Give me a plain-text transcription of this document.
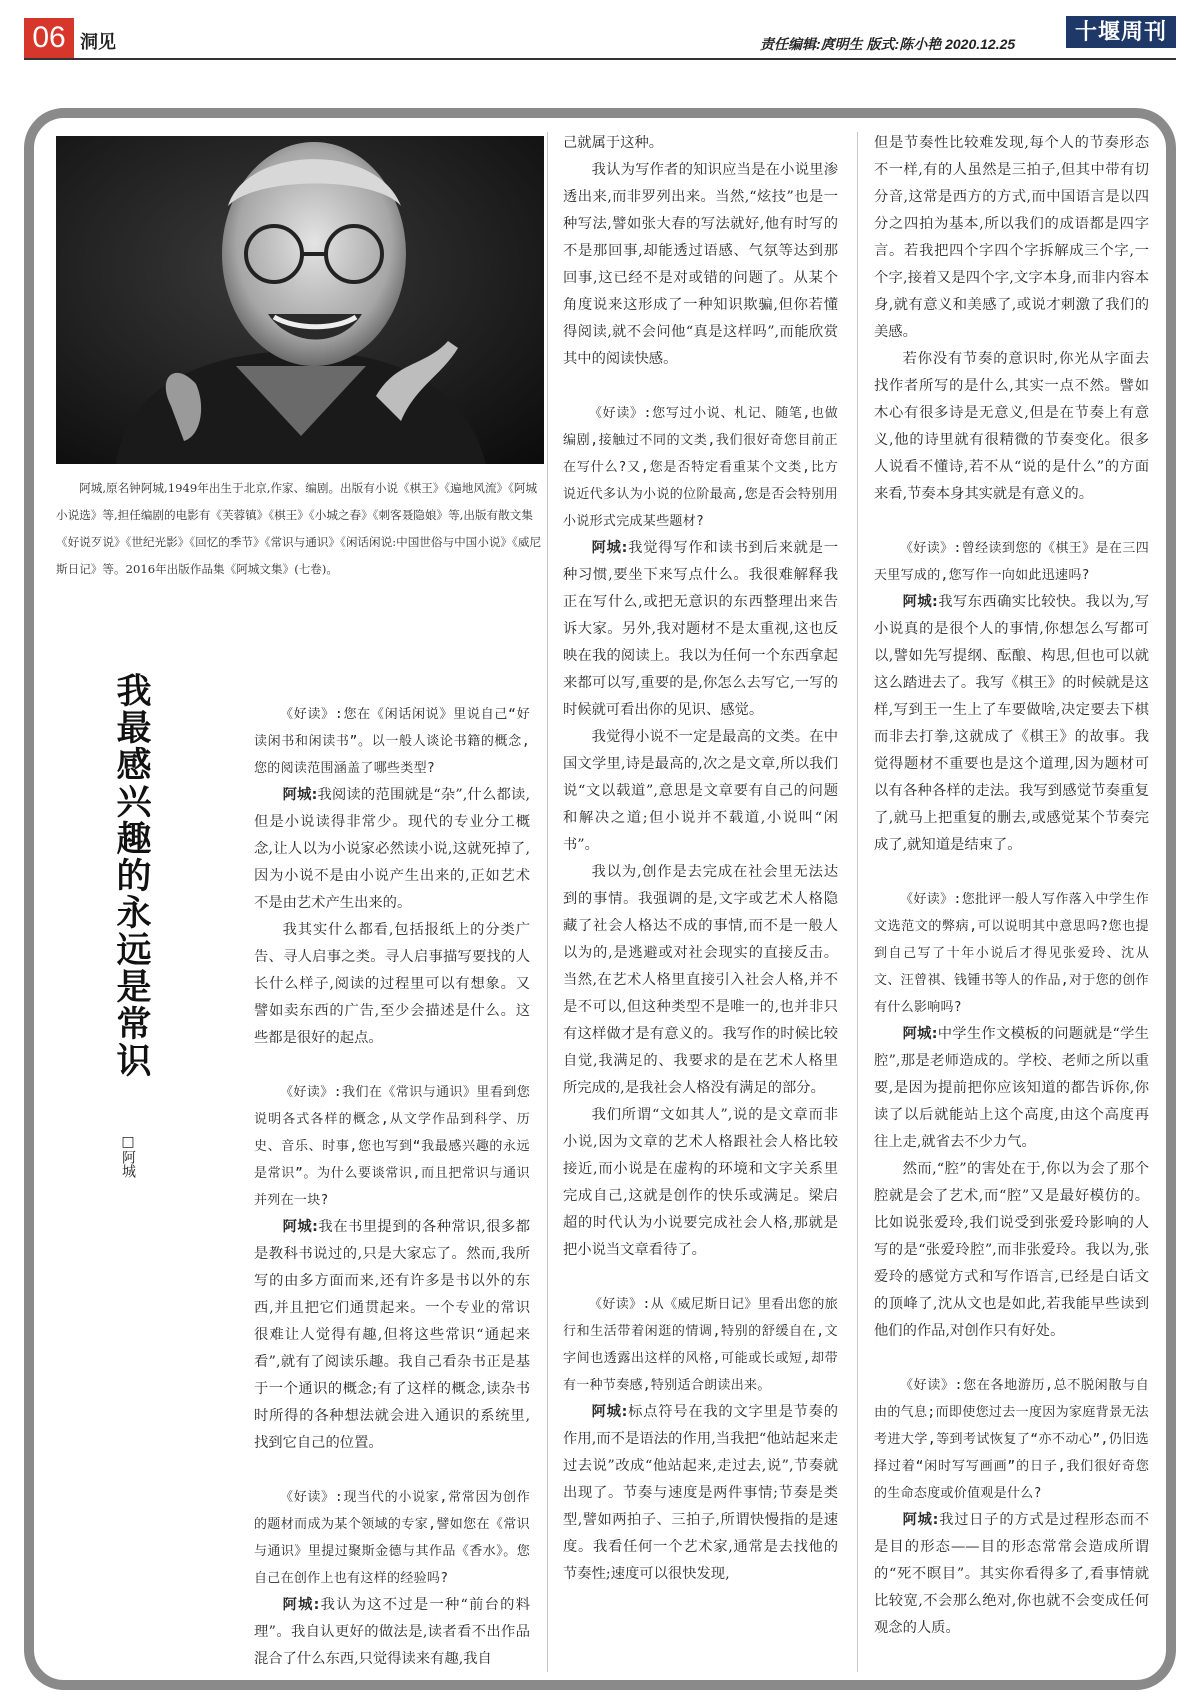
06 洞见	责任编辑:庹明生 版式:陈小艳 2020.12.25	十堰周刊

阿城,原名钟阿城,1949年出生于北京,作家、编剧。出版有小说《棋王》《遍地风流》《阿城小说选》等,担任编剧的电影有《芙蓉镇》《棋王》《小城之春》《刺客聂隐娘》等,出版有散文集《好说歹说》《世纪光影》《回忆的季节》《常识与通识》《闲话闲说:中国世俗与中国小说》《威尼斯日记》等。2016年出版作品集《阿城文集》(七卷)。

我最感兴趣的永远是常识
□阿城

《好读》:您在《闲话闲说》里说自己“好读闲书和闲读书”。以一般人谈论书籍的概念,您的阅读范围涵盖了哪些类型?

阿城:我阅读的范围就是“杂”,什么都读,但是小说读得非常少。现代的专业分工概念,让人以为小说家必然读小说,这就死掉了,因为小说不是由小说产生出来的,正如艺术不是由艺术产生出来的。

我其实什么都看,包括报纸上的分类广告、寻人启事之类。寻人启事描写要找的人长什么样子,阅读的过程里可以有想象。又譬如卖东西的广告,至少会描述是什么。这些都是很好的起点。

《好读》:我们在《常识与通识》里看到您说明各式各样的概念,从文学作品到科学、历史、音乐、时事,您也写到“我最感兴趣的永远是常识”。为什么要谈常识,而且把常识与通识并列在一块?

阿城:我在书里提到的各种常识,很多都是教科书说过的,只是大家忘了。然而,我所写的由多方面而来,还有许多是书以外的东西,并且把它们通贯起来。一个专业的常识很难让人觉得有趣,但将这些常识“通起来看”,就有了阅读乐趣。我自己看杂书正是基于一个通识的概念;有了这样的概念,读杂书时所得的各种想法就会进入通识的系统里,找到它自己的位置。

《好读》:现当代的小说家,常常因为创作的题材而成为某个领域的专家,譬如您在《常识与通识》里提过聚斯金德与其作品《香水》。您自己在创作上也有这样的经验吗?

阿城:我认为这不过是一种“前台的料理”。我自认更好的做法是,读者看不出作品混合了什么东西,只觉得读来有趣,我自

己就属于这种。

我认为写作者的知识应当是在小说里渗透出来,而非罗列出来。当然,“炫技”也是一种写法,譬如张大春的写法就好,他有时写的不是那回事,却能透过语感、气氛等达到那回事,这已经不是对或错的问题了。从某个角度说来这形成了一种知识欺骗,但你若懂得阅读,就不会问他“真是这样吗”,而能欣赏其中的阅读快感。

《好读》:您写过小说、札记、随笔,也做编剧,接触过不同的文类,我们很好奇您目前正在写什么?又,您是否特定看重某个文类,比方说近代多认为小说的位阶最高,您是否会特别用小说形式完成某些题材?

阿城:我觉得写作和读书到后来就是一种习惯,要坐下来写点什么。我很难解释我正在写什么,或把无意识的东西整理出来告诉大家。另外,我对题材不是太重视,这也反映在我的阅读上。我以为任何一个东西拿起来都可以写,重要的是,你怎么去写它,一写的时候就可看出你的见识、感觉。

我觉得小说不一定是最高的文类。在中国文学里,诗是最高的,次之是文章,所以我们说“文以载道”,意思是文章要有自己的问题和解决之道;但小说并不载道,小说叫“闲书”。

我以为,创作是去完成在社会里无法达到的事情。我强调的是,文字或艺术人格隐藏了社会人格达不成的事情,而不是一般人以为的,是逃避或对社会现实的直接反击。当然,在艺术人格里直接引入社会人格,并不是不可以,但这种类型不是唯一的,也并非只有这样做才是有意义的。我写作的时候比较自觉,我满足的、我要求的是在艺术人格里所完成的,是我社会人格没有满足的部分。

我们所谓“文如其人”,说的是文章而非小说,因为文章的艺术人格跟社会人格比较接近,而小说是在虚构的环境和文字关系里完成自己,这就是创作的快乐或满足。梁启超的时代认为小说要完成社会人格,那就是把小说当文章看待了。

《好读》:从《威尼斯日记》里看出您的旅行和生活带着闲逛的情调,特别的舒缓自在,文字间也透露出这样的风格,可能或长或短,却带有一种节奏感,特别适合朗读出来。

阿城:标点符号在我的文字里是节奏的作用,而不是语法的作用,当我把“他站起来走过去说”改成“他站起来,走过去,说”,节奏就出现了。节奏与速度是两件事情;节奏是类型,譬如两拍子、三拍子,所谓快慢指的是速度。我看任何一个艺术家,通常是去找他的节奏性;速度可以很快发现,

但是节奏性比较难发现,每个人的节奏形态不一样,有的人虽然是三拍子,但其中带有切分音,这常是西方的方式,而中国语言是以四分之四拍为基本,所以我们的成语都是四字言。若我把四个字四个字拆解成三个字,一个字,接着又是四个字,文字本身,而非内容本身,就有意义和美感了,或说才刺激了我们的美感。

若你没有节奏的意识时,你光从字面去找作者所写的是什么,其实一点不然。譬如木心有很多诗是无意义,但是在节奏上有意义,他的诗里就有很精微的节奏变化。很多人说看不懂诗,若不从“说的是什么”的方面来看,节奏本身其实就是有意义的。

《好读》:曾经读到您的《棋王》是在三四天里写成的,您写作一向如此迅速吗?

阿城:我写东西确实比较快。我以为,写小说真的是很个人的事情,你想怎么写都可以,譬如先写提纲、酝酿、构思,但也可以就这么踏进去了。我写《棋王》的时候就是这样,写到王一生上了车要做啥,决定要去下棋而非去打拳,这就成了《棋王》的故事。我觉得题材不重要也是这个道理,因为题材可以有各种各样的走法。我写到感觉节奏重复了,就马上把重复的删去,或感觉某个节奏完成了,就知道是结束了。

《好读》:您批评一般人写作落入中学生作文选范文的弊病,可以说明其中意思吗?您也提到自己写了十年小说后才得见张爱玲、沈从文、汪曾祺、钱锺书等人的作品,对于您的创作有什么影响吗?

阿城:中学生作文模板的问题就是“学生腔”,那是老师造成的。学校、老师之所以重要,是因为提前把你应该知道的都告诉你,你读了以后就能站上这个高度,由这个高度再往上走,就省去不少力气。

然而,“腔”的害处在于,你以为会了那个腔就是会了艺术,而“腔”又是最好模仿的。比如说张爱玲,我们说受到张爱玲影响的人写的是“张爱玲腔”,而非张爱玲。我以为,张爱玲的感觉方式和写作语言,已经是白话文的顶峰了,沈从文也是如此,若我能早些读到他们的作品,对创作只有好处。

《好读》:您在各地游历,总不脱闲散与自由的气息;而即使您过去一度因为家庭背景无法考进大学,等到考试恢复了“亦不动心”,仍旧选择过着“闲时写写画画”的日子,我们很好奇您的生命态度或价值观是什么?

阿城:我过日子的方式是过程形态而不是目的形态——目的形态常常会造成所谓的“死不瞑目”。其实你看得多了,看事情就比较宽,不会那么绝对,你也就不会变成任何观念的人质。
